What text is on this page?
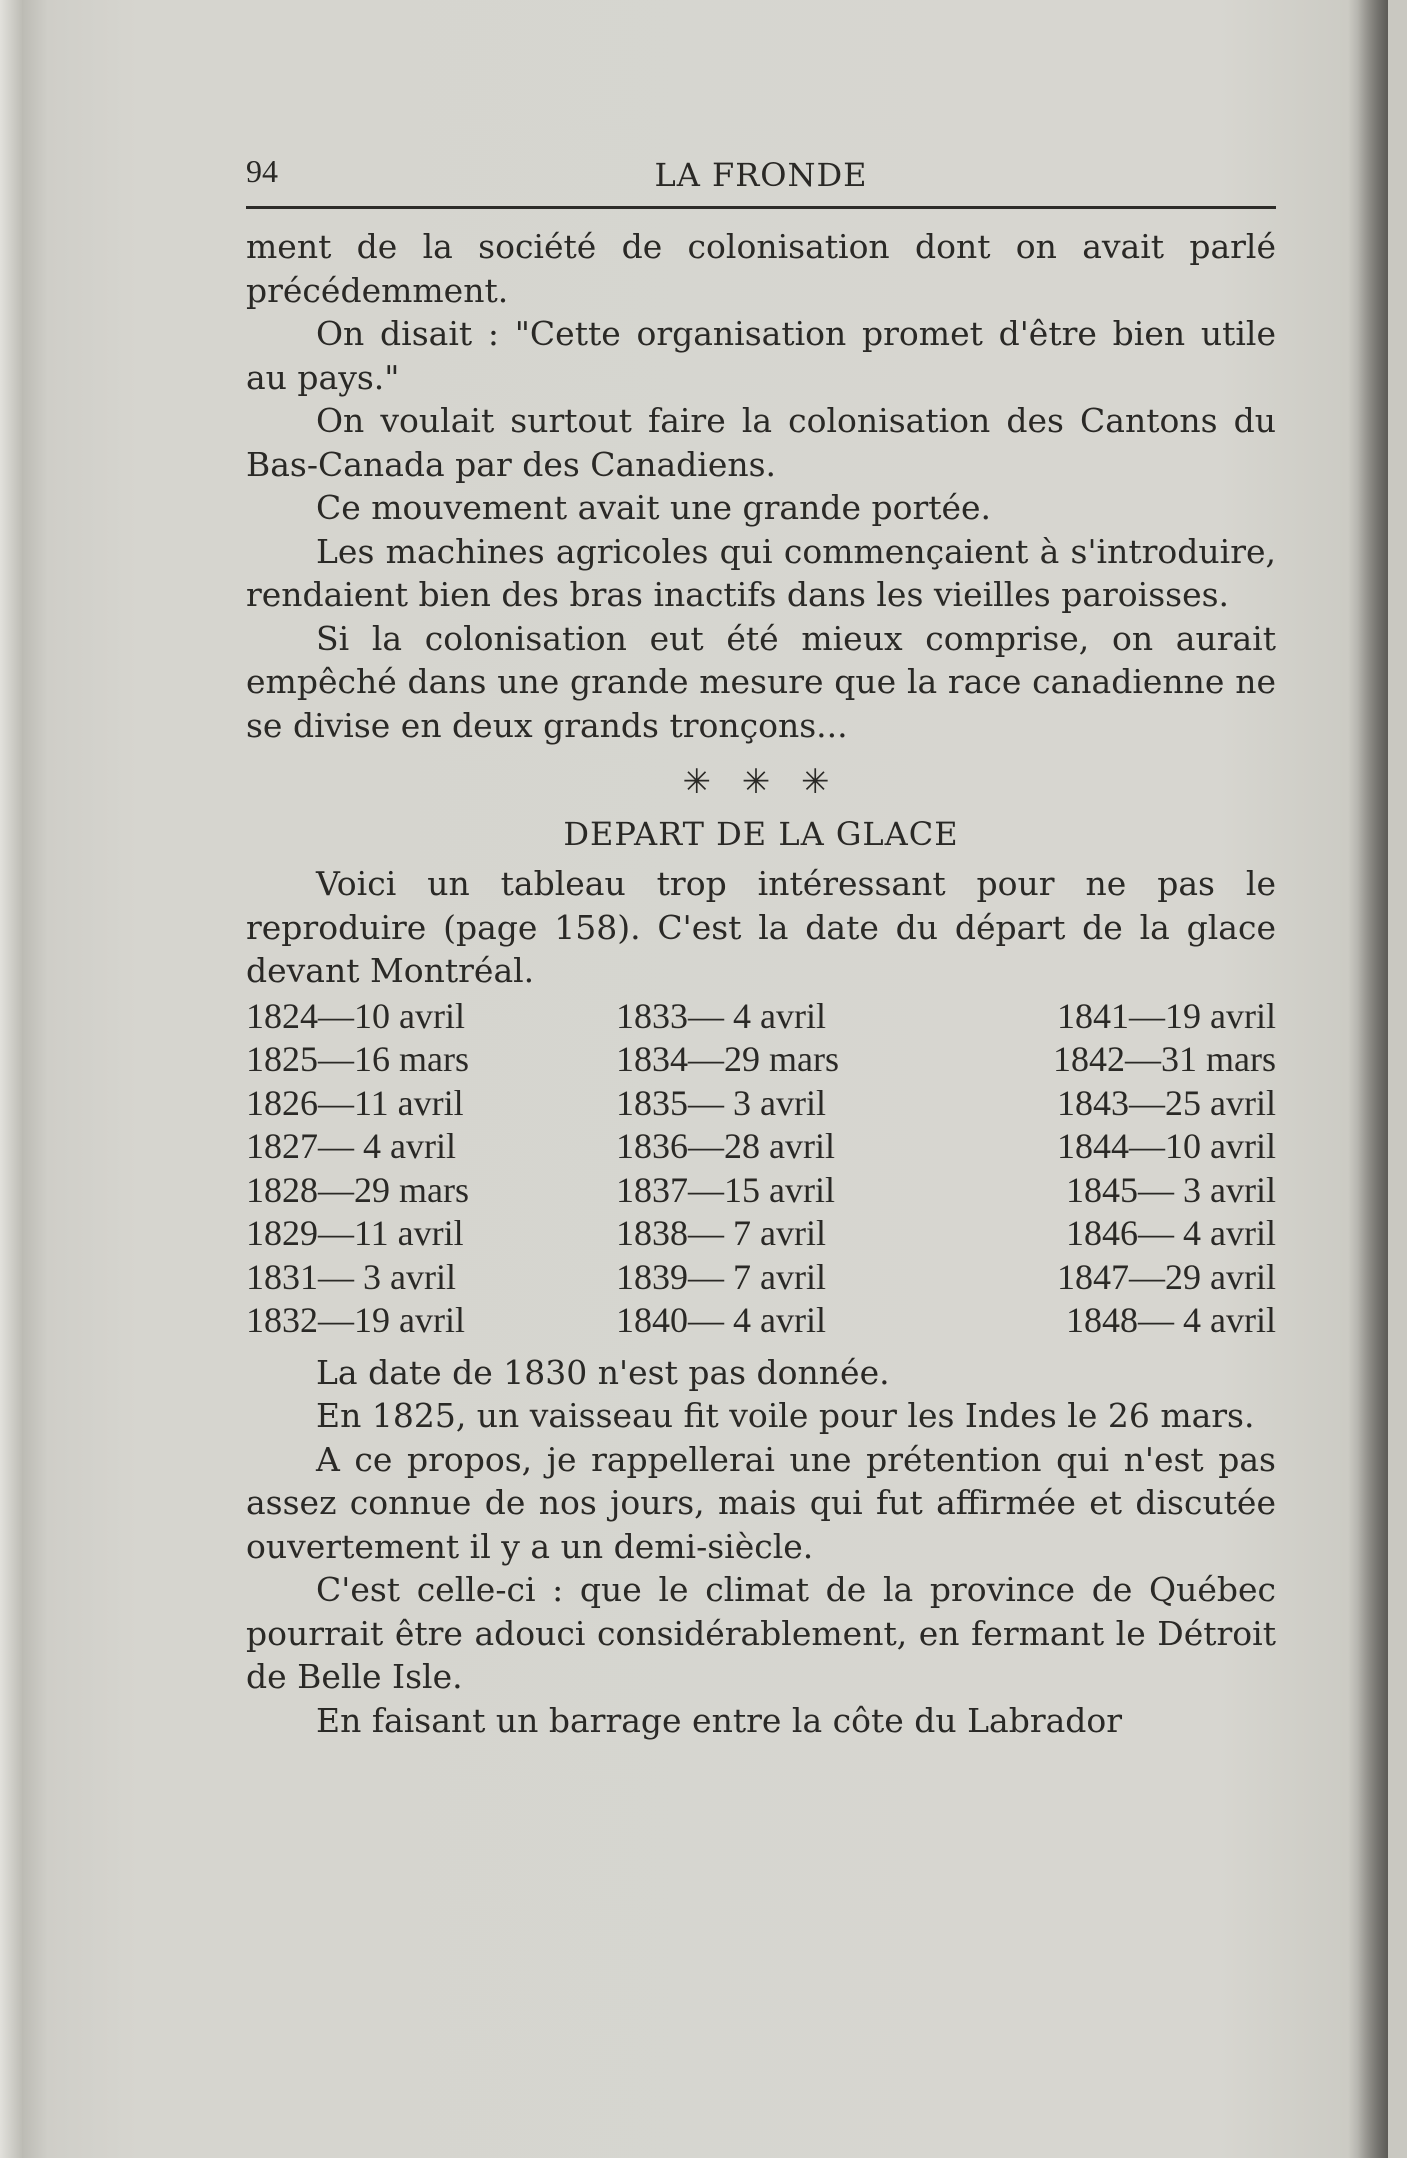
94	LA FRONDE

ment de la société de colonisation dont on avait parlé précédemment.

On disait : "Cette organisation promet d'être bien utile au pays."

On voulait surtout faire la colonisation des Cantons du Bas-Canada par des Canadiens.

Ce mouvement avait une grande portée.

Les machines agricoles qui commençaient à s'introduire, rendaient bien des bras inactifs dans les vieilles paroisses.

Si la colonisation eut été mieux comprise, on aurait empêché dans une grande mesure que la race canadienne ne se divise en deux grands tronçons...

✳ ✳ ✳
DEPART DE LA GLACE

Voici un tableau trop intéressant pour ne pas le reproduire (page 158). C'est la date du départ de la glace devant Montréal.

1824—10 avril	1833— 4 avril	1841—19 avril
1825—16 mars	1834—29 mars	1842—31 mars
1826—11 avril	1835— 3 avril	1843—25 avril
1827— 4 avril	1836—28 avril	1844—10 avril
1828—29 mars	1837—15 avril	1845— 3 avril
1829—11 avril	1838— 7 avril	1846— 4 avril
1831— 3 avril	1839— 7 avril	1847—29 avril
1832—19 avril	1840— 4 avril	1848— 4 avril

La date de 1830 n'est pas donnée.

En 1825, un vaisseau fit voile pour les Indes le 26 mars.

A ce propos, je rappellerai une prétention qui n'est pas assez connue de nos jours, mais qui fut affirmée et discutée ouvertement il y a un demi-siècle.

C'est celle-ci : que le climat de la province de Québec pourrait être adouci considérablement, en fermant le Détroit de Belle Isle.

En faisant un barrage entre la côte du Labrador
